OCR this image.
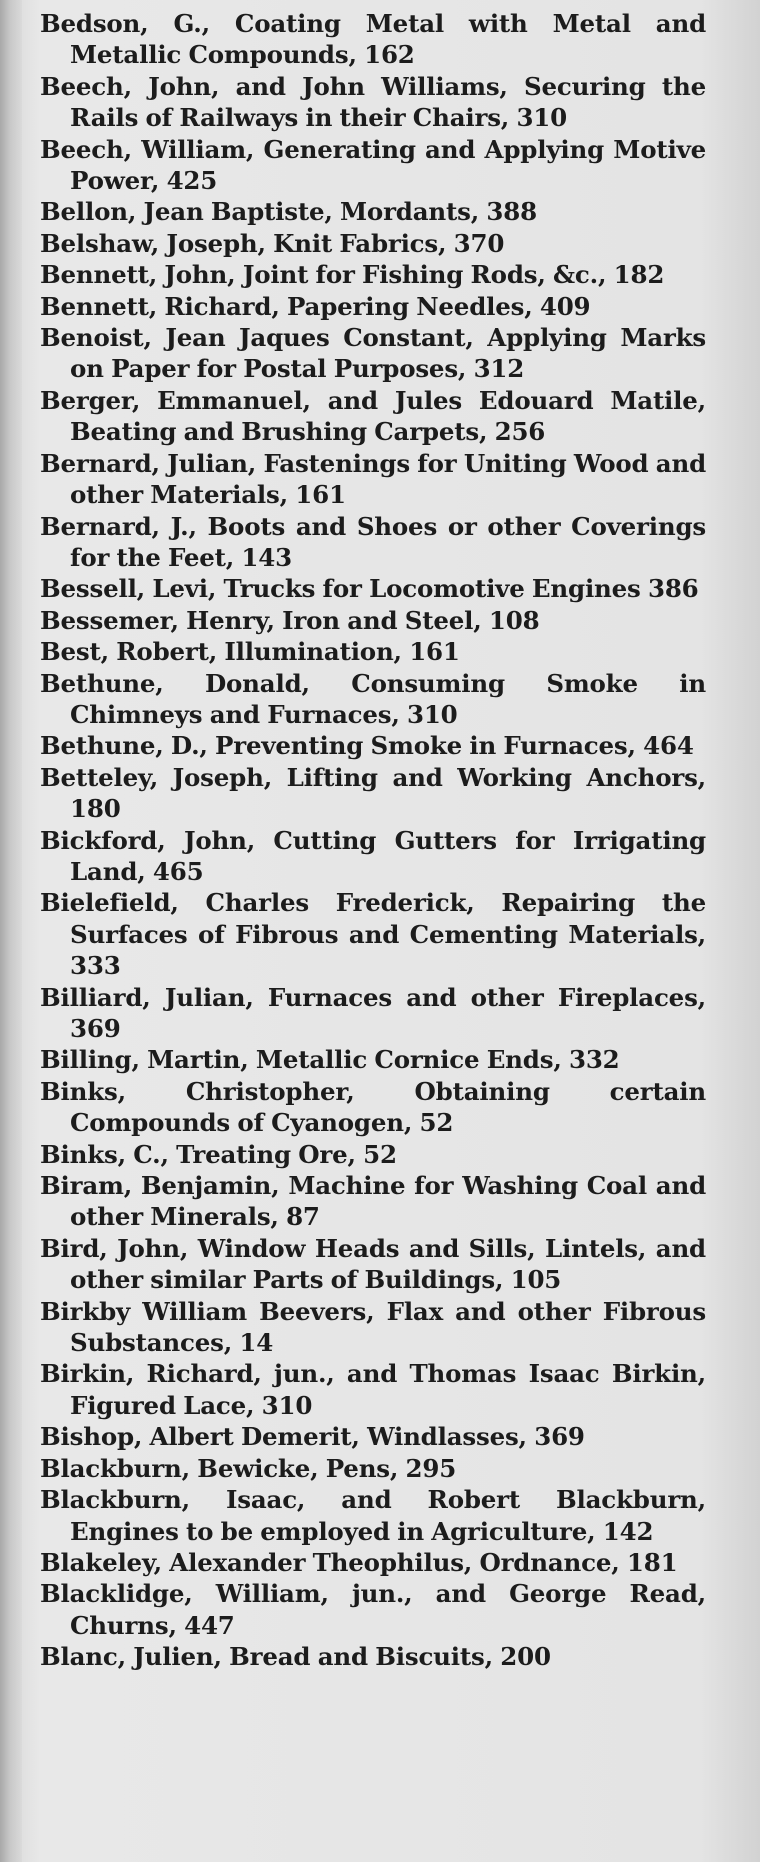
Bedson, G., Coating Metal with Metal and Metallic Compounds, 162
Beech, John, and John Williams, Securing the Rails of Railways in their Chairs, 310
Beech, William, Generating and Applying Motive Power, 425
Bellon, Jean Baptiste, Mordants, 388
Belshaw, Joseph, Knit Fabrics, 370
Bennett, John, Joint for Fishing Rods, &c., 182
Bennett, Richard, Papering Needles, 409
Benoist, Jean Jaques Constant, Applying Marks on Paper for Postal Purposes, 312
Berger, Emmanuel, and Jules Edouard Matile, Beating and Brushing Carpets, 256
Bernard, Julian, Fastenings for Uniting Wood and other Materials, 161
Bernard, J., Boots and Shoes or other Coverings for the Feet, 143
Bessell, Levi, Trucks for Locomotive Engines 386
Bessemer, Henry, Iron and Steel, 108
Best, Robert, Illumination, 161
Bethune, Donald, Consuming Smoke in Chimneys and Furnaces, 310
Bethune, D., Preventing Smoke in Furnaces, 464
Betteley, Joseph, Lifting and Working Anchors, 180
Bickford, John, Cutting Gutters for Irrigating Land, 465
Bielefield, Charles Frederick, Repairing the Surfaces of Fibrous and Cementing Materials, 333
Billiard, Julian, Furnaces and other Fireplaces, 369
Billing, Martin, Metallic Cornice Ends, 332
Binks, Christopher, Obtaining certain Compounds of Cyanogen, 52
Binks, C., Treating Ore, 52
Biram, Benjamin, Machine for Washing Coal and other Minerals, 87
Bird, John, Window Heads and Sills, Lintels, and other similar Parts of Buildings, 105
Birkby William Beevers, Flax and other Fibrous Substances, 14
Birkin, Richard, jun., and Thomas Isaac Birkin, Figured Lace, 310
Bishop, Albert Demerit, Windlasses, 369
Blackburn, Bewicke, Pens, 295
Blackburn, Isaac, and Robert Blackburn, Engines to be employed in Agriculture, 142
Blakeley, Alexander Theophilus, Ordnance, 181
Blacklidge, William, jun., and George Read, Churns, 447
Blanc, Julien, Bread and Biscuits, 200
